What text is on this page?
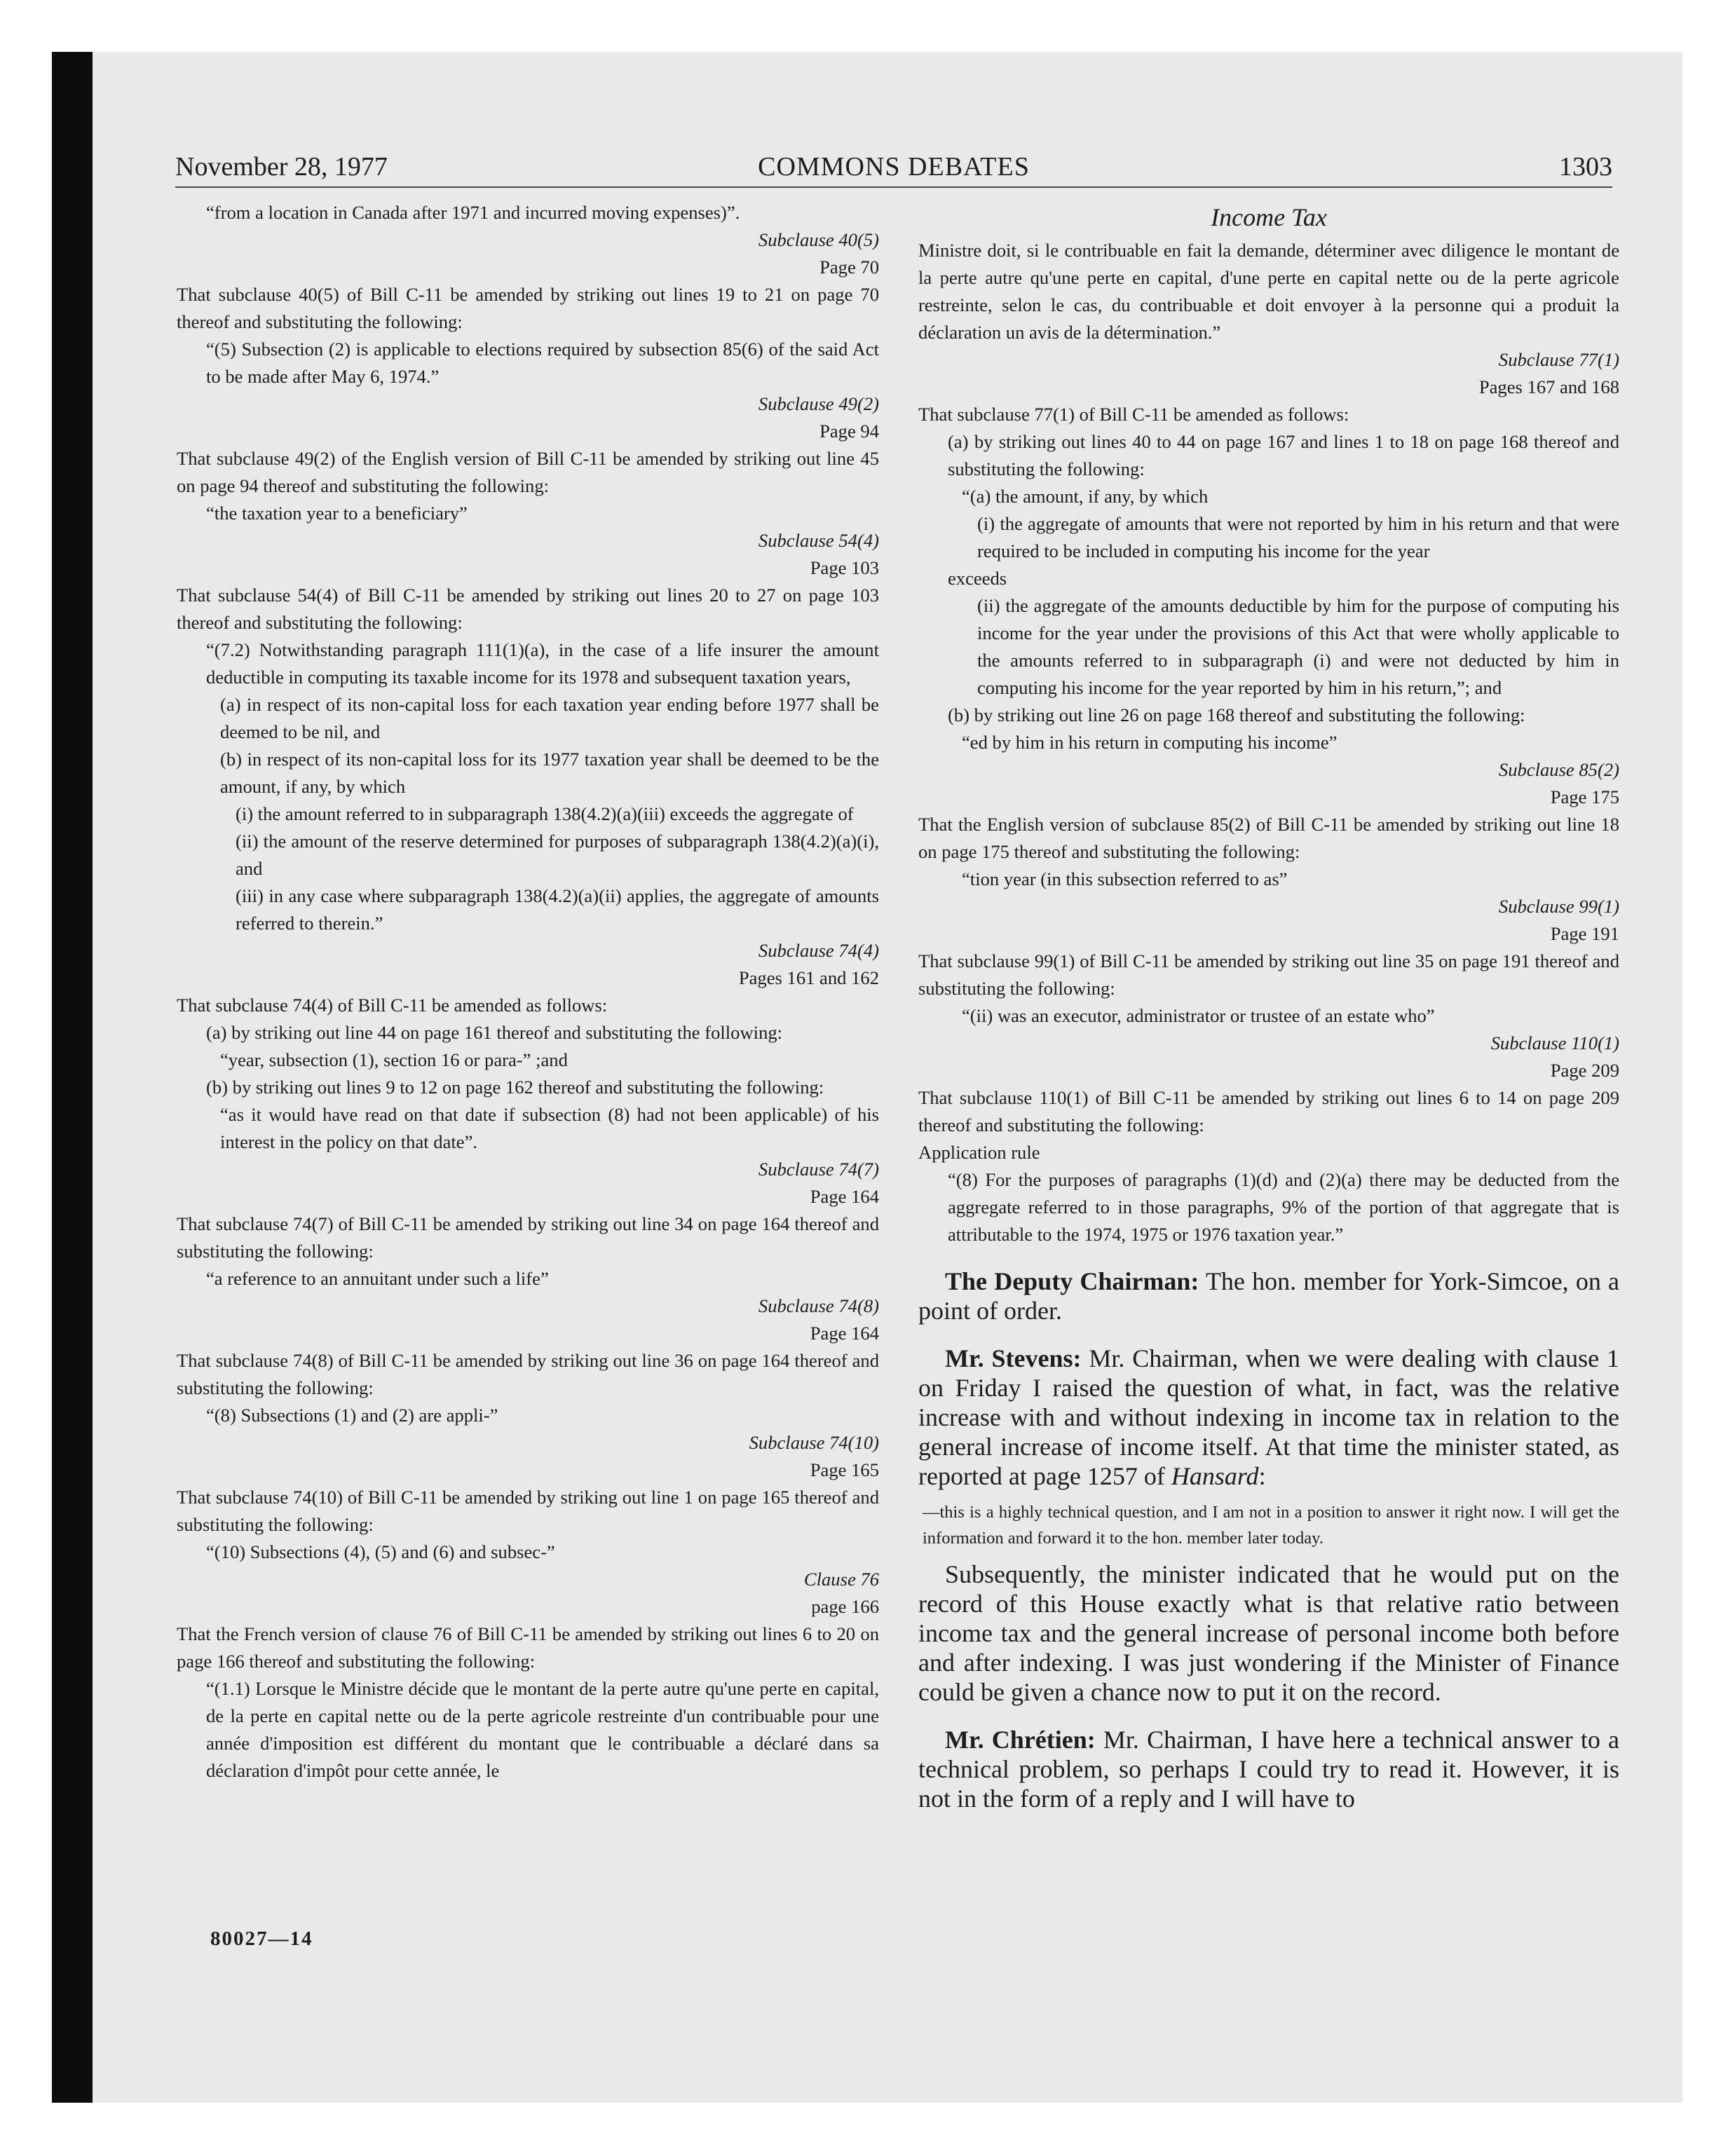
November 28, 1977	COMMONS DEBATES	1303

“from a location in Canada after 1971 and incurred moving expenses)”.

Subclause 40(5)

Page 70

That subclause 40(5) of Bill C-11 be amended by striking out lines 19 to 21 on page 70 thereof and substituting the following:

“(5) Subsection (2) is applicable to elections required by subsection 85(6) of the said Act to be made after May 6, 1974.”

Subclause 49(2)

Page 94

That subclause 49(2) of the English version of Bill C-11 be amended by striking out line 45 on page 94 thereof and substituting the following:

“the taxation year to a beneficiary”

Subclause 54(4)

Page 103

That subclause 54(4) of Bill C-11 be amended by striking out lines 20 to 27 on page 103 thereof and substituting the following:

“(7.2) Notwithstanding paragraph 111(1)(a), in the case of a life insurer the amount deductible in computing its taxable income for its 1978 and subsequent taxation years,

(a) in respect of its non-capital loss for each taxation year ending before 1977 shall be deemed to be nil, and

(b) in respect of its non-capital loss for its 1977 taxation year shall be deemed to be the amount, if any, by which

(i) the amount referred to in subparagraph 138(4.2)(a)(iii) exceeds the aggregate of

(ii) the amount of the reserve determined for purposes of subparagraph 138(4.2)(a)(i), and

(iii) in any case where subparagraph 138(4.2)(a)(ii) applies, the aggregate of amounts referred to therein.”

Subclause 74(4)

Pages 161 and 162

That subclause 74(4) of Bill C-11 be amended as follows:

(a) by striking out line 44 on page 161 thereof and substituting the following:

“year, subsection (1), section 16 or para-” ;and

(b) by striking out lines 9 to 12 on page 162 thereof and substituting the following:

“as it would have read on that date if subsection (8) had not been applicable) of his interest in the policy on that date”.

Subclause 74(7)

Page 164

That subclause 74(7) of Bill C-11 be amended by striking out line 34 on page 164 thereof and substituting the following:

“a reference to an annuitant under such a life”

Subclause 74(8)

Page 164

That subclause 74(8) of Bill C-11 be amended by striking out line 36 on page 164 thereof and substituting the following:

“(8) Subsections (1) and (2) are appli-”

Subclause 74(10)

Page 165

That subclause 74(10) of Bill C-11 be amended by striking out line 1 on page 165 thereof and substituting the following:

“(10) Subsections (4), (5) and (6) and subsec-”

Clause 76

page 166

That the French version of clause 76 of Bill C-11 be amended by striking out lines 6 to 20 on page 166 thereof and substituting the following:

“(1.1) Lorsque le Ministre décide que le montant de la perte autre qu'une perte en capital, de la perte en capital nette ou de la perte agricole restreinte d'un contribuable pour une année d'imposition est différent du montant que le contribuable a déclaré dans sa déclaration d'impôt pour cette année, le

Income Tax

Ministre doit, si le contribuable en fait la demande, déterminer avec diligence le montant de la perte autre qu'une perte en capital, d'une perte en capital nette ou de la perte agricole restreinte, selon le cas, du contribuable et doit envoyer à la personne qui a produit la déclaration un avis de la détermination.”

Subclause 77(1)

Pages 167 and 168

That subclause 77(1) of Bill C-11 be amended as follows:

(a) by striking out lines 40 to 44 on page 167 and lines 1 to 18 on page 168 thereof and substituting the following:

“(a) the amount, if any, by which

(i) the aggregate of amounts that were not reported by him in his return and that were required to be included in computing his income for the year

exceeds

(ii) the aggregate of the amounts deductible by him for the purpose of computing his income for the year under the provisions of this Act that were wholly applicable to the amounts referred to in subparagraph (i) and were not deducted by him in computing his income for the year reported by him in his return,”; and

(b) by striking out line 26 on page 168 thereof and substituting the following:

“ed by him in his return in computing his income”

Subclause 85(2)

Page 175

That the English version of subclause 85(2) of Bill C-11 be amended by striking out line 18 on page 175 thereof and substituting the following:

“tion year (in this subsection referred to as”

Subclause 99(1)

Page 191

That subclause 99(1) of Bill C-11 be amended by striking out line 35 on page 191 thereof and substituting the following:

“(ii) was an executor, administrator or trustee of an estate who”

Subclause 110(1)

Page 209

That subclause 110(1) of Bill C-11 be amended by striking out lines 6 to 14 on page 209 thereof and substituting the following:

Application rule

“(8) For the purposes of paragraphs (1)(d) and (2)(a) there may be deducted from the aggregate referred to in those paragraphs, 9% of the portion of that aggregate that is attributable to the 1974, 1975 or 1976 taxation year.”

The Deputy Chairman: The hon. member for York-Simcoe, on a point of order.

Mr. Stevens: Mr. Chairman, when we were dealing with clause 1 on Friday I raised the question of what, in fact, was the relative increase with and without indexing in income tax in relation to the general increase of income itself. At that time the minister stated, as reported at page 1257 of Hansard:

—this is a highly technical question, and I am not in a position to answer it right now. I will get the information and forward it to the hon. member later today.

Subsequently, the minister indicated that he would put on the record of this House exactly what is that relative ratio between income tax and the general increase of personal income both before and after indexing. I was just wondering if the Minister of Finance could be given a chance now to put it on the record.

Mr. Chrétien: Mr. Chairman, I have here a technical answer to a technical problem, so perhaps I could try to read it. However, it is not in the form of a reply and I will have to

80027—14
